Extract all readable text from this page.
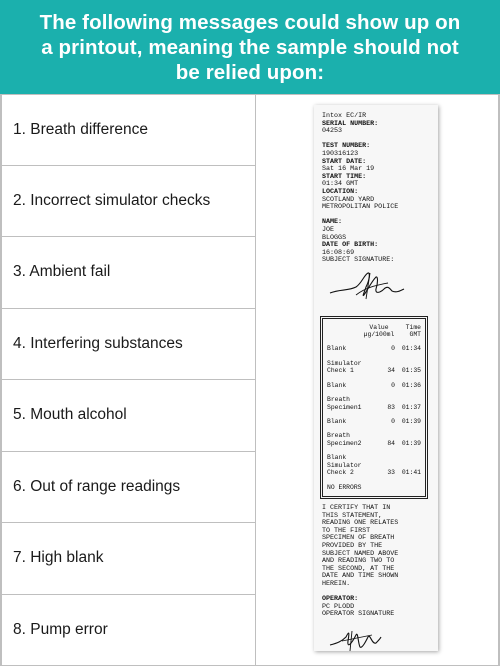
The following messages could show up on
a printout, meaning the sample should not
be relied upon:
1. Breath difference
2. Incorrect simulator checks
3. Ambient fail
4. Interfering substances
5. Mouth alcohol
6. Out of range readings
7. High blank
8. Pump error
Intox EC/IR
SERIAL NUMBER:
04253

TEST NUMBER:
190316123
START DATE:
Sat 16 Mar 19
START TIME:
01:34 GMT
LOCATION:
SCOTLAND YARD
METROPOLITAN POLICE

NAME:
JOE
BLOGGS
DATE OF BIRTH:
16:08:69
SUBJECT SIGNATURE:
Value	Time
µg/100ml	GMT
Blank	0	01:34
Simulator
Check 1	34	01:35
Blank	0	01:36
Breath
Specimen1	83	01:37
Blank	0	01:39
Breath
Specimen2	84	01:39
Blank
Simulator
Check 2	33	01:41
NO ERRORS
I CERTIFY THAT IN
THIS STATEMENT,
READING ONE RELATES
TO THE FIRST
SPECIMEN OF BREATH
PROVIDED BY THE
SUBJECT NAMED ABOVE
AND READING TWO TO
THE SECOND, AT THE
DATE AND TIME SHOWN
HEREIN.

OPERATOR:
PC PLODD
OPERATOR SIGNATURE
